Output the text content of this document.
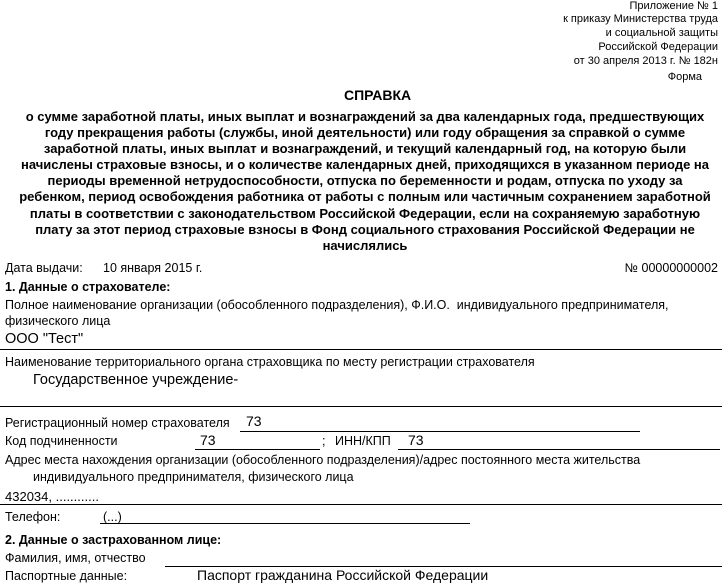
Приложение № 1
к приказу Министерства труда
и социальной защиты
Российской Федерации
от 30 апреля 2013 г. № 182н
Форма
СПРАВКА
о сумме заработной платы, иных выплат и вознаграждений за два календарных года, предшествующих
году прекращения работы (службы, иной деятельности) или году обращения за справкой о сумме
заработной платы, иных выплат и вознаграждений, и текущий календарный год, на которую были
начислены страховые взносы, и о количестве календарных дней, приходящихся в указанном периоде на
периоды временной нетрудоспособности, отпуска по беременности и родам, отпуска по уходу за
ребенком, период освобождения работника от работы с полным или частичным сохранением заработной
платы в соответствии с законодательством Российской Федерации, если на сохраняемую заработную
плату за этот период страховые взносы в Фонд социального страхования Российской Федерации не
начислялись
Дата выдачи: 10 января 2015 г.	№ 00000000002
1. Данные о страхователе:
Полное наименование организации (обособленного подразделения), Ф.И.О.  индивидуального предпринимателя,
физического лица
ООО "Тест"
Наименование территориального органа страховщика по месту регистрации страхователя
Государственное учреждение-
Регистрационный номер страхователя 73
Код подчиненности	73	; ИНН/КПП 73
Адрес места нахождения организации (обособленного подразделения)/адрес постоянного места жительства
индивидуального предпринимателя, физического лица
432034, ............
Телефон:	(...)
2. Данные о застрахованном лице:
Фамилия, имя, отчество
Паспортные данные:	Паспорт гражданина Российской Федерации
